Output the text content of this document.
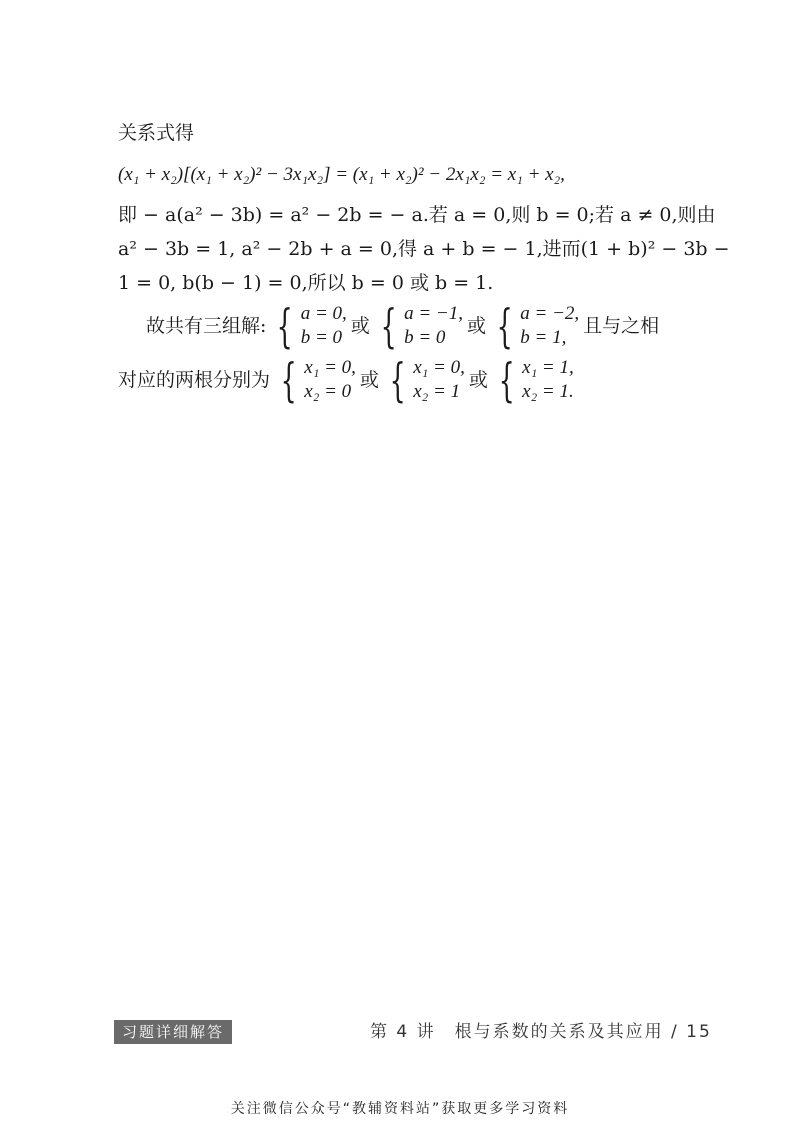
关系式得
(x₁ + x₂)[(x₁ + x₂)² − 3x₁x₂] = (x₁ + x₂)² − 2x₁x₂ = x₁ + x₂,
即 − a(a² − 3b) = a² − 2b = − a.若 a = 0,则 b = 0;若 a ≠ 0,则由
a² − 3b = 1, a² − 2b + a = 0,得 a + b = − 1,进而(1 + b)² − 3b −
1 = 0, b(b − 1) = 0,所以 b = 0 或 b = 1.
故共有三组解: { a = 0,
b = 0
或 { a = −1,
b = 0
或 { a = −2,
b = 1,
且与之相
对应的两根分别为 { x₁ = 0,
x₂ = 0
或 { x₁ = 0,
x₂ = 1
或 { x₁ = 1,
x₂ = 1.
习题详细解答	第 4 讲　根与系数的关系及其应用 / 15
关注微信公众号“教辅资料站”获取更多学习资料
